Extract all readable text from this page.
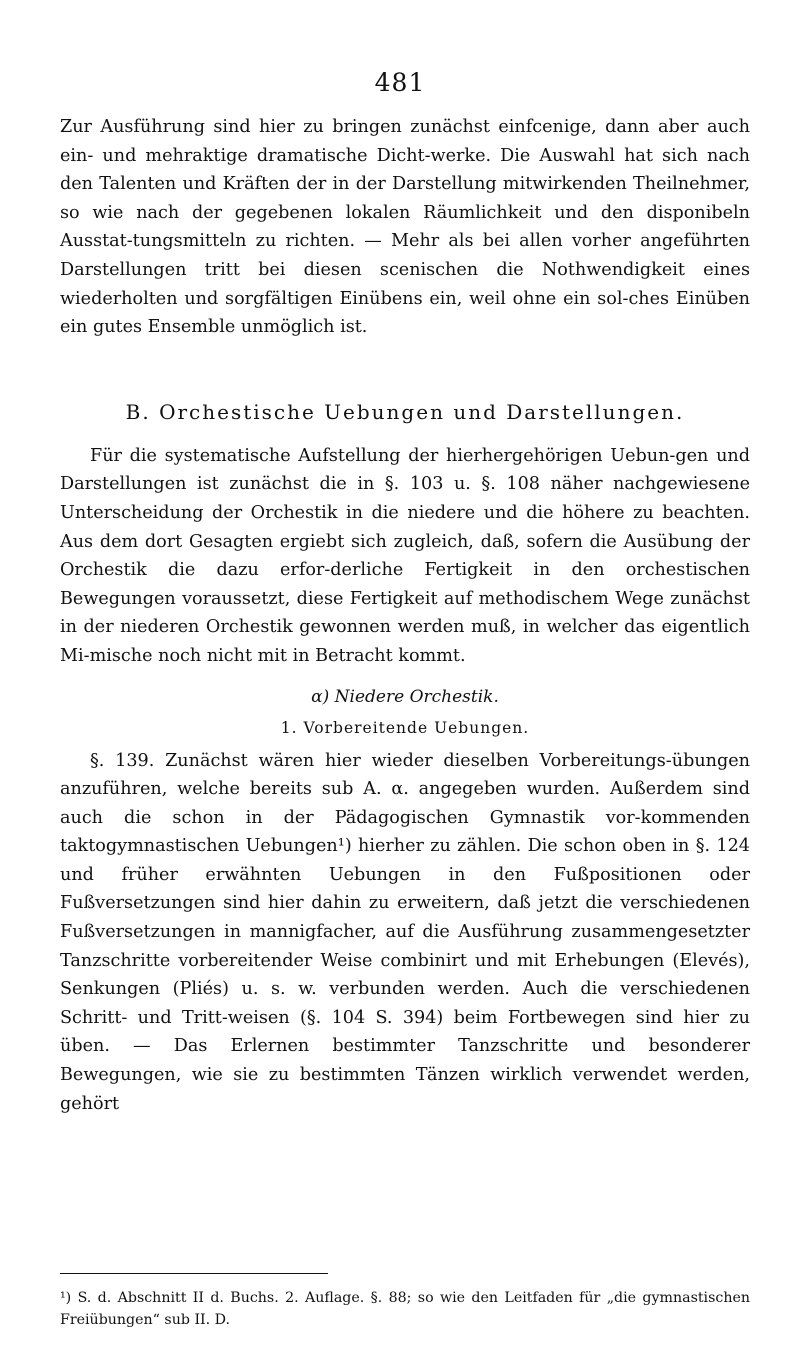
481

Zur Ausführung sind hier zu bringen zunächst einfcenige, dann aber auch ein- und mehraktige dramatische Dicht-werke. Die Auswahl hat sich nach den Talenten und Kräften der in der Darstellung mitwirkenden Theilnehmer, so wie nach der gegebenen lokalen Räumlichkeit und den disponibeln Ausstat-tungsmitteln zu richten. — Mehr als bei allen vorher angeführten Darstellungen tritt bei diesen scenischen die Nothwendigkeit eines wiederholten und sorgfältigen Einübens ein, weil ohne ein sol-ches Einüben ein gutes Ensemble unmöglich ist.

B. Orchestische Uebungen und Darstellungen.

Für die systematische Aufstellung der hierhergehörigen Uebun-gen und Darstellungen ist zunächst die in §. 103 u. §. 108 näher nachgewiesene Unterscheidung der Orchestik in die niedere und die höhere zu beachten. Aus dem dort Gesagten ergiebt sich zugleich, daß, sofern die Ausübung der Orchestik die dazu erfor-derliche Fertigkeit in den orchestischen Bewegungen voraussetzt, diese Fertigkeit auf methodischem Wege zunächst in der niederen Orchestik gewonnen werden muß, in welcher das eigentlich Mi-mische noch nicht mit in Betracht kommt.

α) Niedere Orchestik.
1. Vorbereitende Uebungen.

§. 139. Zunächst wären hier wieder dieselben Vorbereitungs-übungen anzuführen, welche bereits sub A. α. angegeben wurden. Außerdem sind auch die schon in der Pädagogischen Gymnastik vor-kommenden taktogymnastischen Uebungen¹) hierher zu zählen. Die schon oben in §. 124 und früher erwähnten Uebungen in den Fußpositionen oder Fußversetzungen sind hier dahin zu erweitern, daß jetzt die verschiedenen Fußversetzungen in mannigfacher, auf die Ausführung zusammengesetzter Tanzschritte vorbereitender Weise combinirt und mit Erhebungen (Elevés), Senkungen (Pliés) u. s. w. verbunden werden. Auch die verschiedenen Schritt- und Tritt-weisen (§. 104 S. 394) beim Fortbewegen sind hier zu üben. — Das Erlernen bestimmter Tanzschritte und besonderer Bewegungen, wie sie zu bestimmten Tänzen wirklich verwendet werden, gehört

¹) S. d. Abschnitt II d. Buchs. 2. Auflage. §. 88; so wie den Leitfaden für „die gymnastischen Freiübungen“ sub II. D.
